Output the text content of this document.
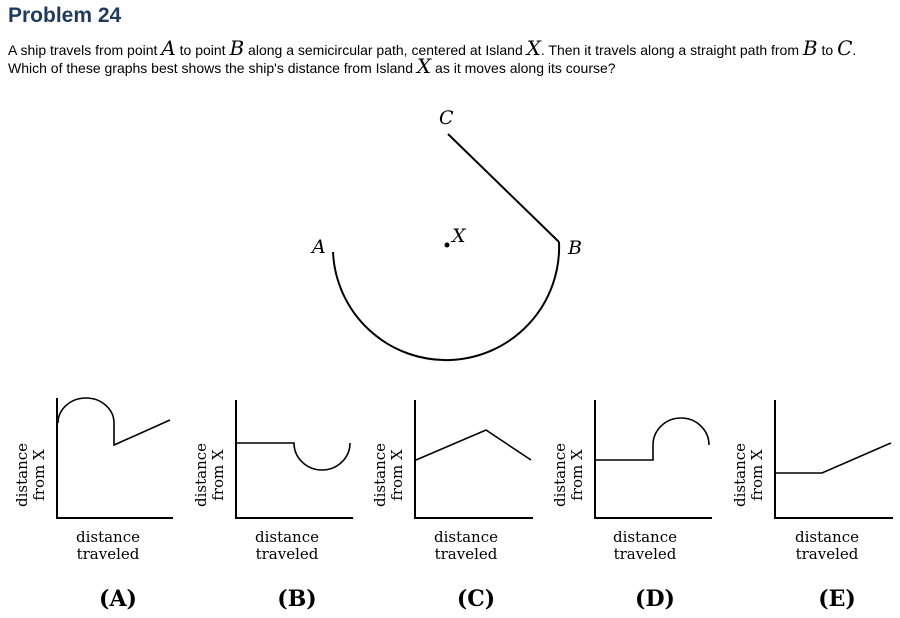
Problem 24
A ship travels from point A to point B along a semicircular path, centered at Island X. Then it travels along a straight path from B to C. Which of these graphs best shows the ship's distance from Island X as it moves along its course?
A	B
C
X
distance from X
distance
traveled
(A)
distance from X
distance
traveled
(B)
distance from X
distance
traveled
(C)
distance from X
distance
traveled
(D)
distance from X
distance
traveled
(E)
